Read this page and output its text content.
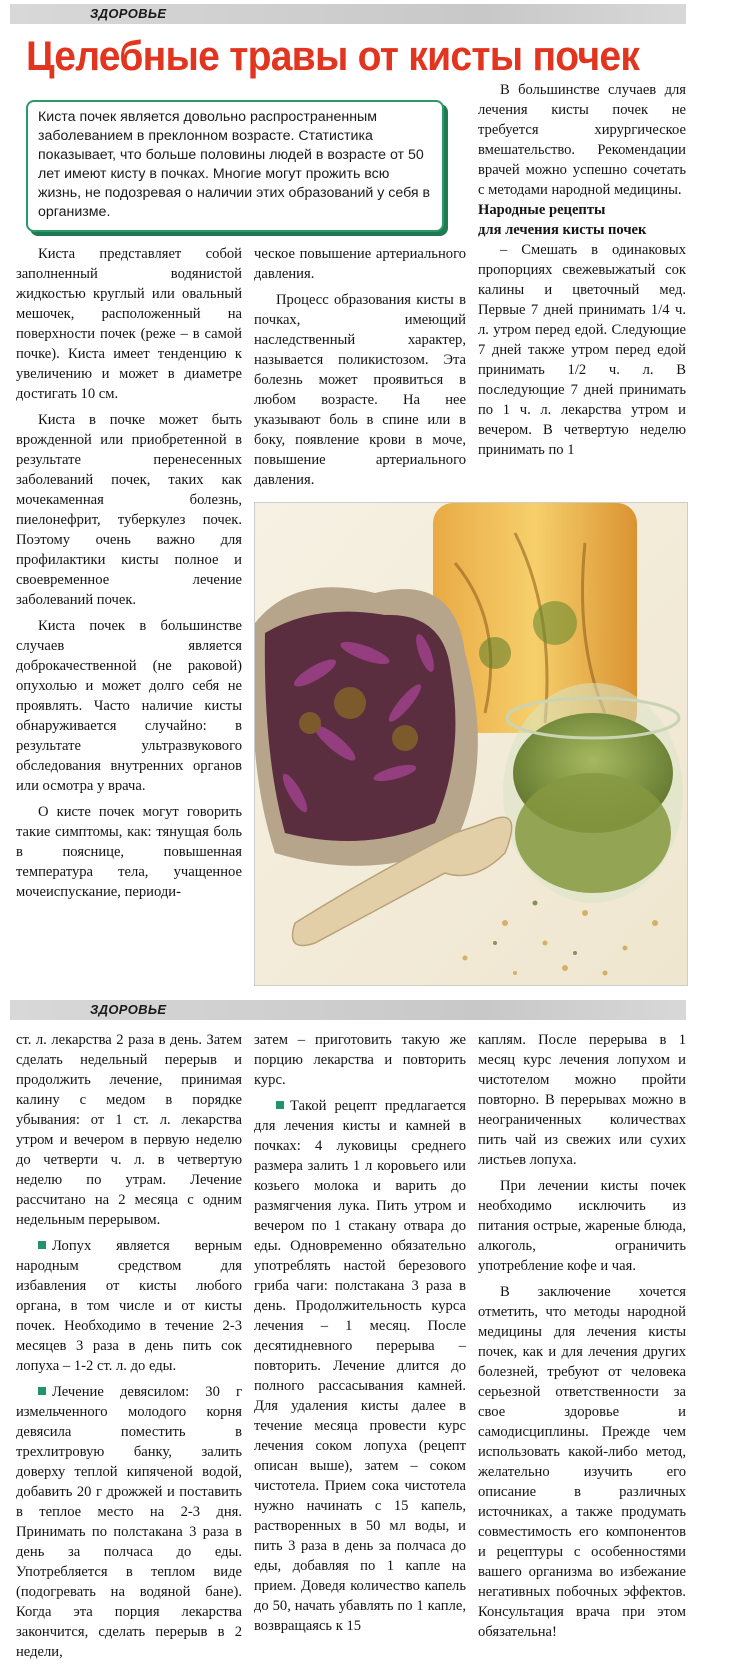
ЗДОРОВЬЕ
Целебные травы от кисты почек
Киста почек является довольно распространенным заболеванием в преклонном возрасте. Статистика показывает, что больше половины людей в возрасте от 50 лет имеют кисту в почках. Многие могут прожить всю жизнь, не подозревая о наличии этих образований у себя в организме.

Киста представляет собой заполненный водянистой жидкостью круглый или овальный мешочек, расположенный на поверхности почек (реже – в самой почке). Киста имеет тенденцию к увеличению и может в диаметре достигать 10 см.

Киста в почке может быть врожденной или приобретенной в результате перенесенных заболеваний почек, таких как мочекаменная болезнь, пиелонефрит, туберкулез почек. Поэтому очень важно для профилактики кисты полное и своевременное лечение заболеваний почек.

Киста почек в большинстве случаев является доброкачественной (не раковой) опухолью и может долго себя не проявлять. Часто наличие кисты обнаруживается случайно: в результате ультразвукового обследования внутренних органов или осмотра у врача.

О кисте почек могут говорить такие симптомы, как: тянущая боль в пояснице, повышенная температура тела, учащенное мочеиспускание, периоди-

ческое повышение артериального давления.

Процесс образования кисты в почках, имеющий наследственный характер, называется поликистозом. Эта болезнь может проявиться в любом возрасте. На нее указывают боль в спине или в боку, появление крови в моче, повышение артериального давления.

В большинстве случаев для лечения кисты почек не требуется хирургическое вмешательство. Рекомендации врачей можно успешно сочетать с методами народной медицины.

Народные рецепты

для лечения кисты почек

– Смешать в одинаковых пропорциях свежевыжатый сок калины и цветочный мед. Первые 7 дней принимать 1/4 ч. л. утром перед едой. Следующие 7 дней также утром перед едой принимать 1/2 ч. л. В последующие 7 дней принимать по 1 ч. л. лекарства утром и вечером. В четвертую неделю принимать по 1

ЗДОРОВЬЕ

ст. л. лекарства 2 раза в день. Затем сделать недельный перерыв и продолжить лечение, принимая калину с медом в порядке убывания: от 1 ст. л. лекарства утром и вечером в первую неделю до четверти ч. л. в четвертую неделю по утрам. Лечение рассчитано на 2 месяца с одним недельным перерывом.

Лопух является верным народным средством для избавления от кисты любого органа, в том числе и от кисты почек. Необходимо в течение 2-3 месяцев 3 раза в день пить сок лопуха – 1-2 ст. л. до еды.

Лечение девясилом: 30 г измельченного молодого корня девясила поместить в трехлитровую банку, залить доверху теплой кипяченой водой, добавить 20 г дрожжей и поставить в теплое место на 2-3 дня. Принимать по полстакана 3 раза в день за полчаса до еды. Употребляется в теплом виде (подогревать на водяной бане). Когда эта порция лекарства закончится, сделать перерыв в 2 недели,

затем – приготовить такую же порцию лекарства и повторить курс.

Такой рецепт предлагается для лечения кисты и камней в почках: 4 луковицы среднего размера залить 1 л коровьего или козьего молока и варить до размягчения лука. Пить утром и вечером по 1 стакану отвара до еды. Одновременно обязательно употреблять настой березового гриба чаги: полстакана 3 раза в день. Продолжительность курса лечения – 1 месяц. После десятидневного перерыва – повторить. Лечение длится до полного рассасывания камней. Для удаления кисты далее в течение месяца провести курс лечения соком лопуха (рецепт описан выше), затем – соком чистотела. Прием сока чистотела нужно начинать с 15 капель, растворенных в 50 мл воды, и пить 3 раза в день за полчаса до еды, добавляя по 1 капле на прием. Доведя количество капель до 50, начать убавлять по 1 капле, возвращаясь к 15

каплям. После перерыва в 1 месяц курс лечения лопухом и чистотелом можно пройти повторно. В перерывах можно в неограниченных количествах пить чай из свежих или сухих листьев лопуха.

При лечении кисты почек необходимо исключить из питания острые, жареные блюда, алкоголь, ограничить употребление кофе и чая.

В заключение хочется отметить, что методы народной медицины для лечения кисты почек, как и для лечения других болезней, требуют от человека серьезной ответственности за свое здоровье и самодисциплины. Прежде чем использовать какой-либо метод, желательно изучить его описание в различных источниках, а также продумать совместимость его компонентов и рецептуры с особенностями вашего организма во избежание негативных побочных эффектов. Консультация врача при этом обязательна!
